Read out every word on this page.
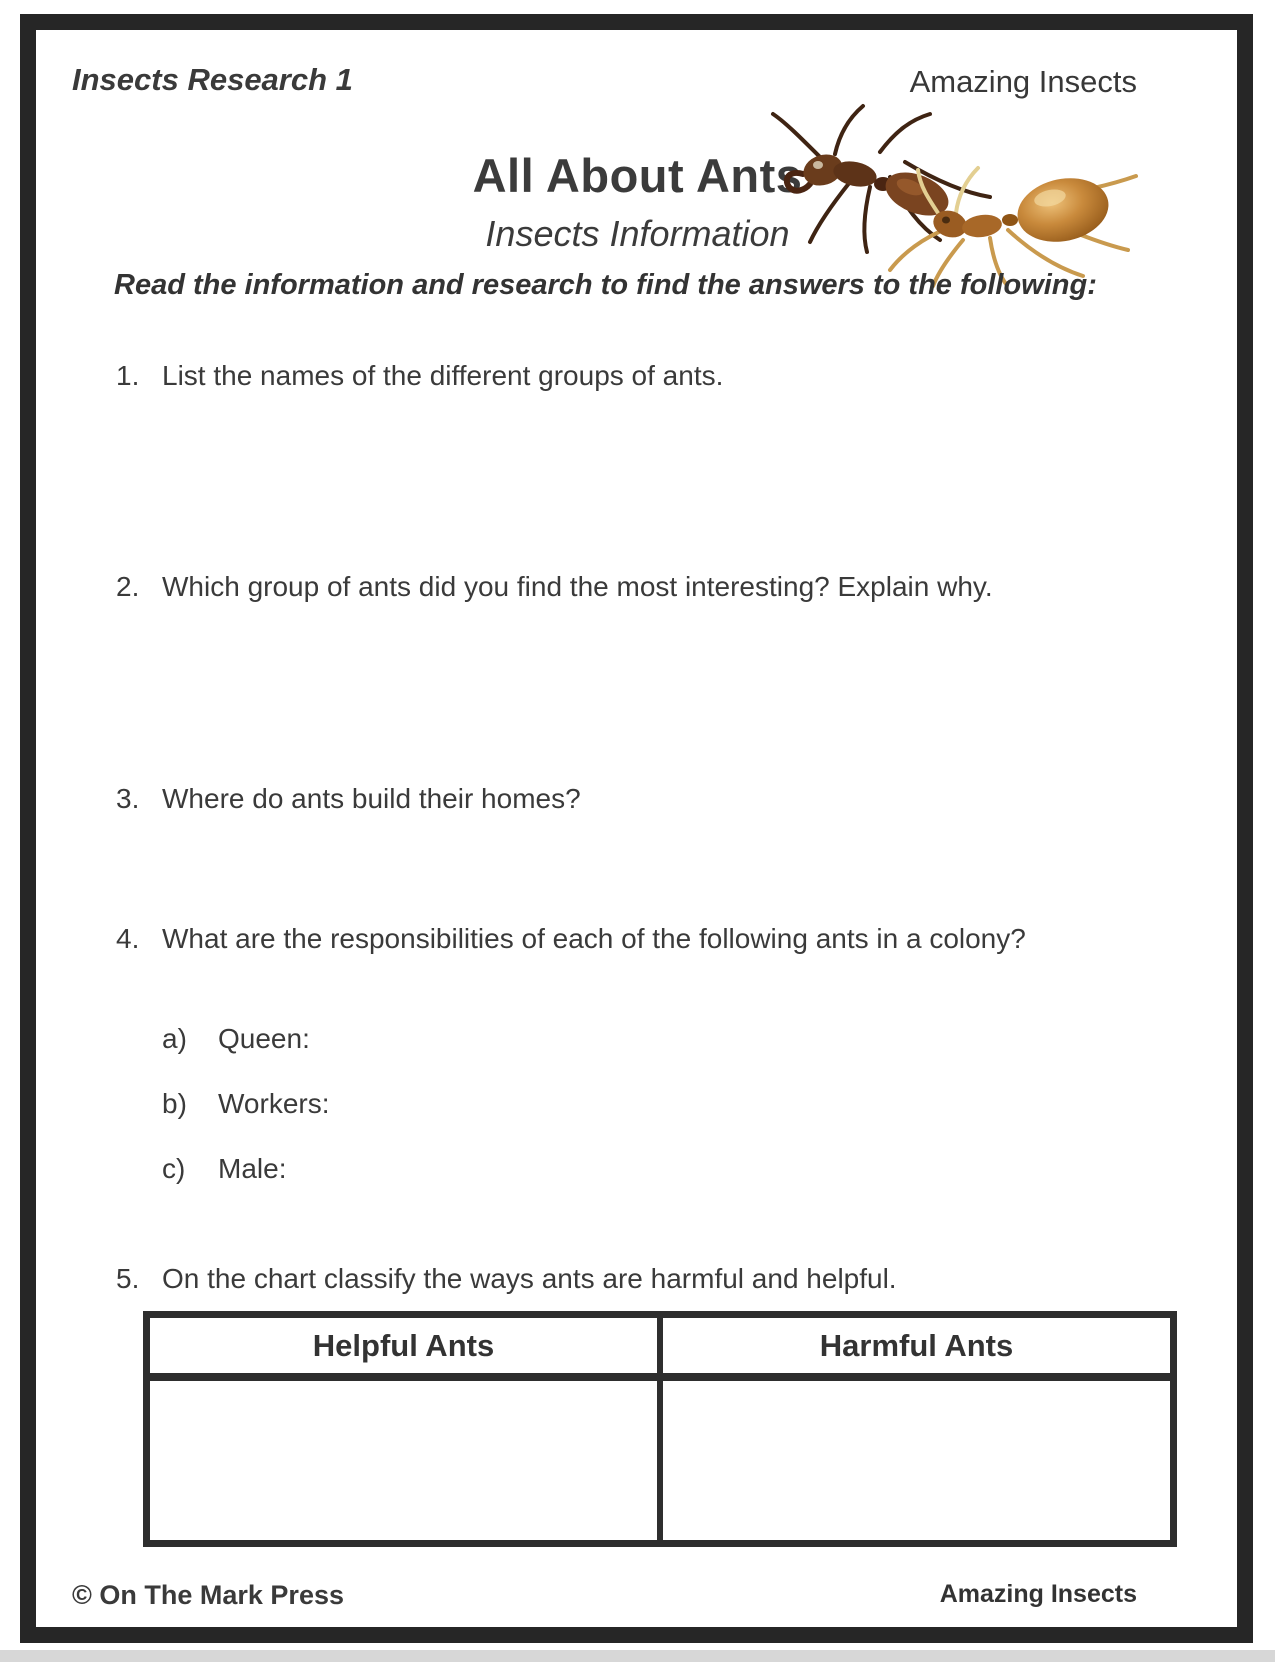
Insects Research 1	Amazing Insects
All About Ants
Insects Information
Read the information and research to find the answers to the following:
1. List the names of the different groups of ants.
2. Which group of ants did you find the most interesting? Explain why.
3. Where do ants build their homes?
4. What are the responsibilities of each of the following ants in a colony?
a) Queen:
b) Workers:
c) Male:
5. On the chart classify the ways ants are harmful and helpful.
Helpful Ants	Harmful Ants
© On The Mark Press	Amazing Insects
